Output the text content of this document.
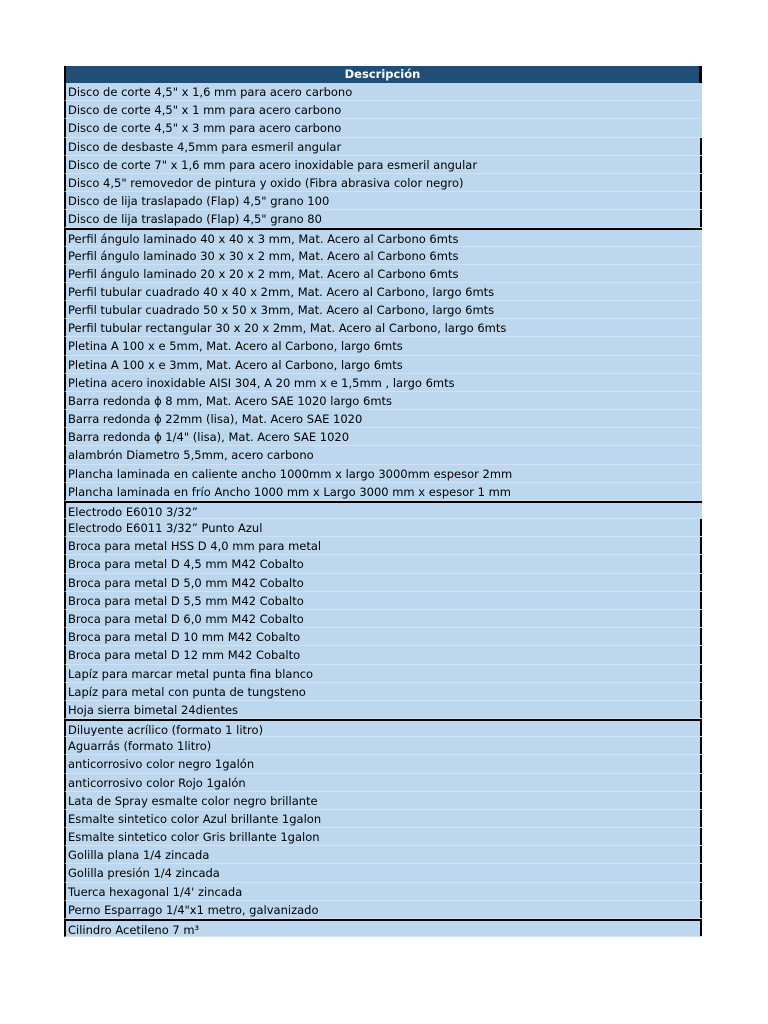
Descripción
Disco de corte 4,5" x 1,6 mm para acero carbono
Disco de corte 4,5" x 1 mm para acero carbono
Disco de corte 4,5" x 3 mm para acero carbono
Disco de desbaste 4,5mm para esmeril angular
Disco de corte 7" x 1,6 mm para acero inoxidable para esmeril angular
Disco 4,5" removedor de pintura y oxido (Fibra abrasiva color negro)
Disco de lija traslapado (Flap) 4,5" grano 100
Disco de lija traslapado (Flap) 4,5" grano 80
Perfil ángulo laminado 40 x 40 x 3 mm, Mat. Acero al Carbono 6mts
Perfil ángulo laminado 30 x 30 x 2 mm, Mat. Acero al Carbono 6mts
Perfil ángulo laminado 20 x 20 x 2 mm, Mat. Acero al Carbono 6mts
Perfil tubular cuadrado 40 x 40 x 2mm, Mat. Acero al Carbono, largo 6mts
Perfil tubular cuadrado 50 x 50 x 3mm, Mat. Acero al Carbono, largo 6mts
Perfil tubular rectangular 30 x 20 x 2mm, Mat. Acero al Carbono, largo 6mts
Pletina A 100 x e 5mm, Mat. Acero al Carbono, largo 6mts
Pletina A 100 x e 3mm, Mat. Acero al Carbono, largo 6mts
Pletina acero inoxidable AISI 304, A 20 mm x e 1,5mm , largo 6mts
Barra redonda ɸ 8 mm, Mat. Acero SAE 1020 largo 6mts
Barra redonda ɸ 22mm (lisa), Mat. Acero SAE 1020
Barra redonda ɸ 1/4" (lisa), Mat. Acero SAE 1020
alambrón Diametro 5,5mm, acero carbono
Plancha laminada en caliente ancho 1000mm x largo 3000mm espesor 2mm
Plancha laminada en frío Ancho 1000 mm x Largo 3000 mm x espesor 1 mm
Electrodo E6010 3/32”
Electrodo E6011 3/32” Punto Azul
Broca para metal HSS D 4,0 mm para metal
Broca para metal D 4,5 mm M42 Cobalto
Broca para metal D 5,0 mm M42 Cobalto
Broca para metal D 5,5 mm M42 Cobalto
Broca para metal D 6,0 mm M42 Cobalto
Broca para metal D 10 mm M42 Cobalto
Broca para metal D 12 mm M42 Cobalto
Lapíz para marcar metal punta fina blanco
Lapíz para metal con punta de tungsteno
Hoja sierra bimetal 24dientes
Diluyente acrílico (formato 1 litro)
Aguarrás (formato 1litro)
anticorrosivo color negro 1galón
anticorrosivo color Rojo 1galón
Lata de Spray esmalte color negro brillante
Esmalte sintetico color Azul brillante 1galon
Esmalte sintetico color Gris brillante 1galon
Golilla plana 1/4 zincada
Golilla presión 1/4 zincada
Tuerca hexagonal 1/4' zincada
Perno Esparrago 1/4"x1 metro, galvanizado
Cilindro Acetileno 7 m³
